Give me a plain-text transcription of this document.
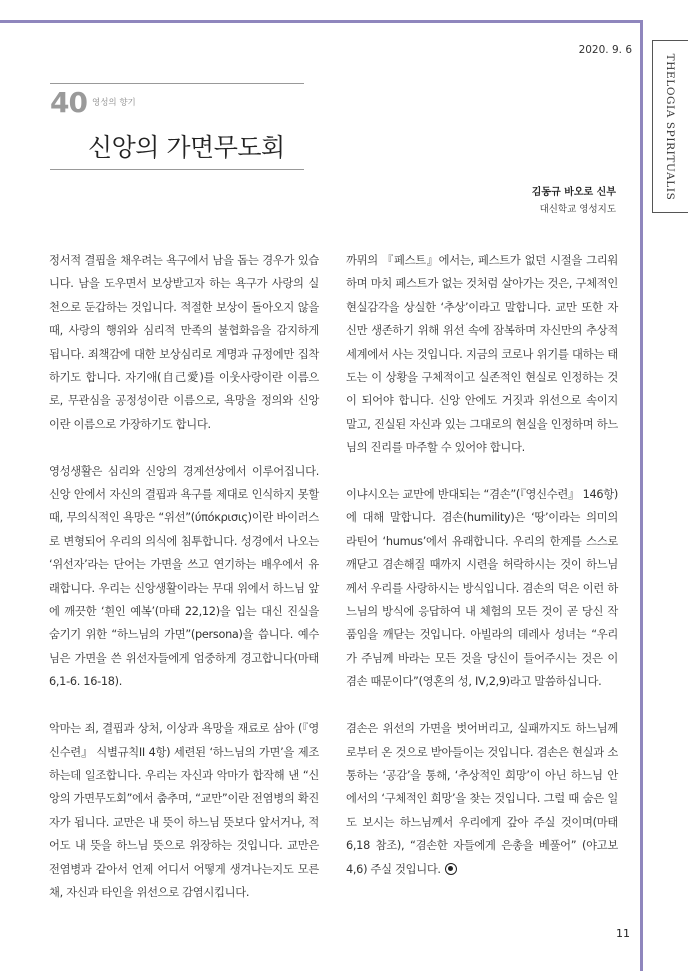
THELOGIA SPIRITUALIS
2020. 9. 6
40 영성의 향기
신앙의 가면무도회
김동규 바오로 신부
대신학교 영성지도

정서적 결핍을 채우려는 욕구에서 남을 돕는 경우가 있습니다. 남을 도우면서 보상받고자 하는 욕구가 사랑의 실천으로 둔갑하는 것입니다. 적절한 보상이 돌아오지 않을 때, 사랑의 행위와 심리적 만족의 불협화음을 감지하게 됩니다. 죄책감에 대한 보상심리로 계명과 규정에만 집착하기도 합니다. 자기애(自己愛)를 이웃사랑이란 이름으로, 무관심을 공정성이란 이름으로, 욕망을 정의와 신앙이란 이름으로 가장하기도 합니다.

영성생활은 심리와 신앙의 경계선상에서 이루어집니다. 신앙 안에서 자신의 결핍과 욕구를 제대로 인식하지 못할 때, 무의식적인 욕망은 “위선”(ύπόκρισις)이란 바이러스로 변형되어 우리의 의식에 침투합니다. 성경에서 나오는 ‘위선자’라는 단어는 가면을 쓰고 연기하는 배우에서 유래합니다. 우리는 신앙생활이라는 무대 위에서 하느님 앞에 깨끗한 ‘흰인 예복’(마태 22,12)을 입는 대신 진실을 숨기기 위한 “하느님의 가면”(persona)을 씁니다. 예수님은 가면을 쓴 위선자들에게 엄중하게 경고합니다(마태 6,1-6. 16-18).

악마는 죄, 결핍과 상처, 이상과 욕망을 재료로 삼아 (『영신수련』 식별규칙II 4항) 세련된 ‘하느님의 가면’을 제조하는데 일조합니다. 우리는 자신과 악마가 합작해 낸 “신앙의 가면무도회”에서 춤추며, “교만”이란 전염병의 확진자가 됩니다. 교만은 내 뜻이 하느님 뜻보다 앞서거나, 적어도 내 뜻을 하느님 뜻으로 위장하는 것입니다. 교만은 전염병과 같아서 언제 어디서 어떻게 생겨나는지도 모른 채, 자신과 타인을 위선으로 감염시킵니다.

까뮈의 『페스트』에서는, 페스트가 없던 시절을 그리워하며 마치 페스트가 없는 것처럼 살아가는 것은, 구체적인 현실감각을 상실한 ‘추상’이라고 말합니다. 교만 또한 자신만 생존하기 위해 위선 속에 잠복하며 자신만의 추상적 세계에서 사는 것입니다. 지금의 코로나 위기를 대하는 태도는 이 상황을 구체적이고 실존적인 현실로 인정하는 것이 되어야 합니다. 신앙 안에도 거짓과 위선으로 속이지 말고, 진실된 자신과 있는 그대로의 현실을 인정하며 하느님의 진리를 마주할 수 있어야 합니다.

이냐시오는 교만에 반대되는 “겸손”(『영신수련』 146항)에 대해 말합니다. 겸손(humility)은 ‘땅’이라는 의미의 라틴어 ‘humus’에서 유래합니다. 우리의 한계를 스스로 깨닫고 겸손해질 때까지 시련을 허락하시는 것이 하느님께서 우리를 사랑하시는 방식입니다. 겸손의 덕은 이런 하느님의 방식에 응답하여 내 체험의 모든 것이 곧 당신 작품임을 깨닫는 것입니다. 아빌라의 데레사 성녀는 “우리가 주님께 바라는 모든 것을 당신이 들어주시는 것은 이 겸손 때문이다”(영혼의 성, IV,2,9)라고 말씀하십니다.

겸손은 위선의 가면을 벗어버리고, 실패까지도 하느님께로부터 온 것으로 받아들이는 것입니다. 겸손은 현실과 소통하는 ‘공감’을 통해, ‘추상적인 희망’이 아닌 하느님 안에서의 ‘구체적인 희망’을 찾는 것입니다. 그럴 때 숨은 일도 보시는 하느님께서 우리에게 갚아 주실 것이며(마태 6,18 참조), “겸손한 자들에게 은총을 베풀어” (야고보 4,6) 주실 것입니다.

11
